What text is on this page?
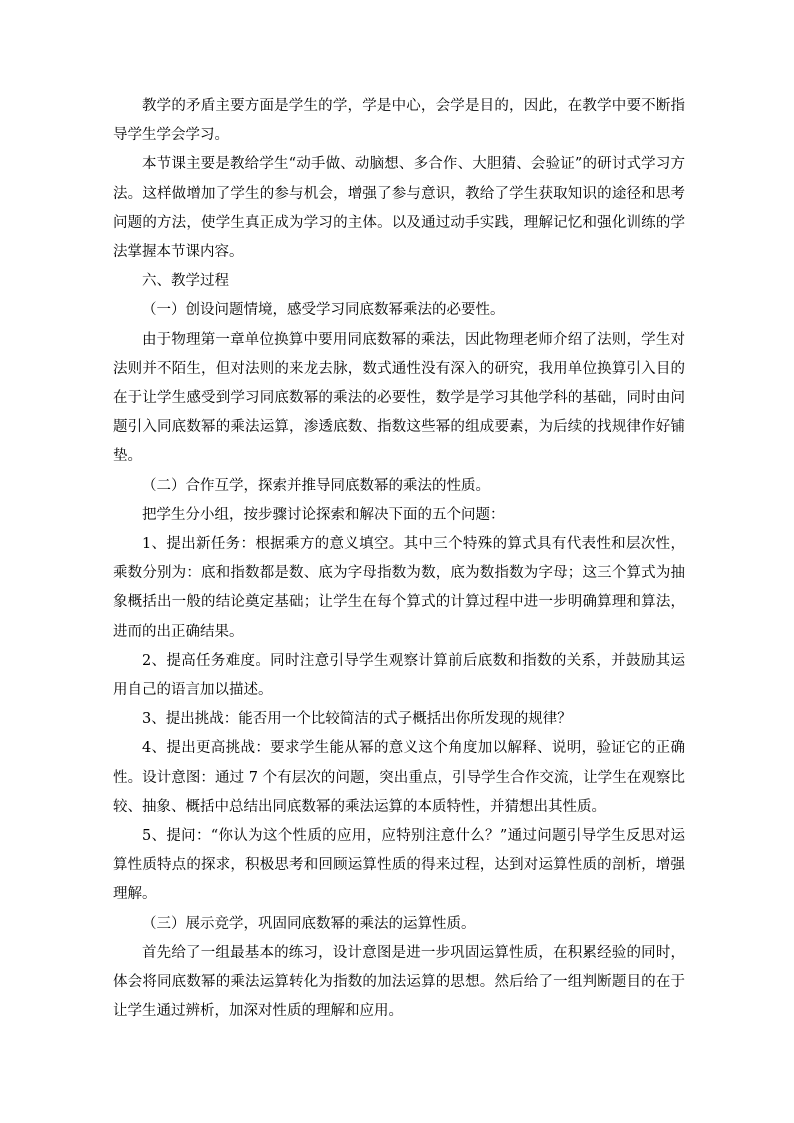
教学的矛盾主要方面是学生的学，学是中心，会学是目的，因此，在教学中要不断指导学生学会学习。

本节课主要是教给学生“动手做、动脑想、多合作、大胆猜、会验证”的研讨式学习方法。这样做增加了学生的参与机会，增强了参与意识，教给了学生获取知识的途径和思考问题的方法，使学生真正成为学习的主体。以及通过动手实践，理解记忆和强化训练的学法掌握本节课内容。

六、教学过程

（一）创设问题情境，感受学习同底数幂乘法的必要性。

由于物理第一章单位换算中要用同底数幂的乘法，因此物理老师介绍了法则，学生对法则并不陌生，但对法则的来龙去脉，数式通性没有深入的研究，我用单位换算引入目的在于让学生感受到学习同底数幂的乘法的必要性，数学是学习其他学科的基础，同时由问题引入同底数幂的乘法运算，渗透底数、指数这些幂的组成要素，为后续的找规律作好铺垫。

（二）合作互学，探索并推导同底数幂的乘法的性质。

把学生分小组，按步骤讨论探索和解决下面的五个问题：

1、提出新任务：根据乘方的意义填空。其中三个特殊的算式具有代表性和层次性，乘数分别为：底和指数都是数、底为字母指数为数，底为数指数为字母；这三个算式为抽象概括出一般的结论奠定基础；让学生在每个算式的计算过程中进一步明确算理和算法，进而的出正确结果。

2、提高任务难度。同时注意引导学生观察计算前后底数和指数的关系，并鼓励其运用自己的语言加以描述。

3、提出挑战：能否用一个比较简洁的式子概括出你所发现的规律？

4、提出更高挑战：要求学生能从幂的意义这个角度加以解释、说明，验证它的正确性。设计意图：通过 7 个有层次的问题，突出重点，引导学生合作交流，让学生在观察比较、抽象、概括中总结出同底数幂的乘法运算的本质特性，并猜想出其性质。

5、提问：“你认为这个性质的应用，应特别注意什么？”通过问题引导学生反思对运算性质特点的探求，积极思考和回顾运算性质的得来过程，达到对运算性质的剖析，增强理解。

（三）展示竞学，巩固同底数幂的乘法的运算性质。

首先给了一组最基本的练习，设计意图是进一步巩固运算性质，在积累经验的同时，体会将同底数幂的乘法运算转化为指数的加法运算的思想。然后给了一组判断题目的在于让学生通过辨析，加深对性质的理解和应用。
